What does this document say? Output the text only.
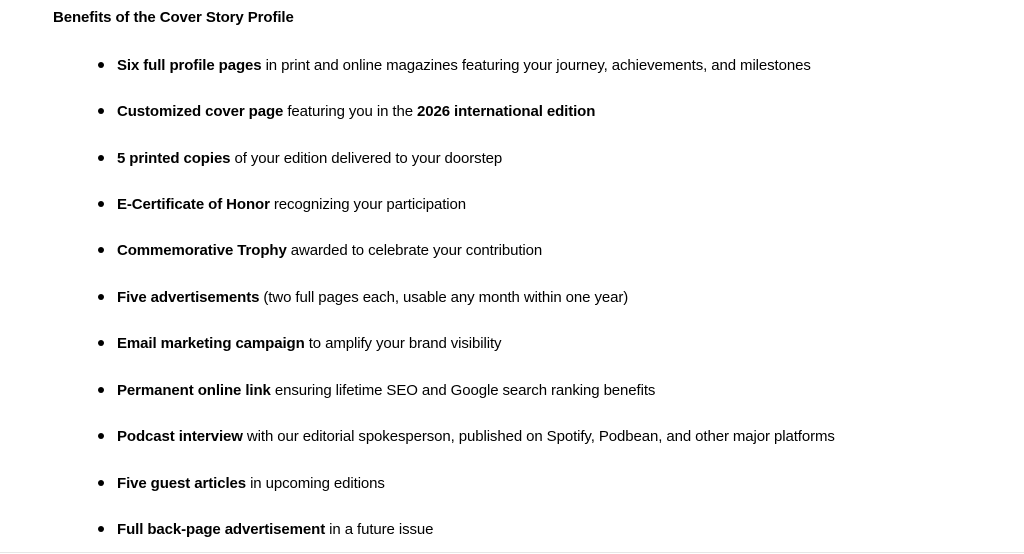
Benefits of the Cover Story Profile
Six full profile pages in print and online magazines featuring your journey, achievements, and milestones
Customized cover page featuring you in the 2026 international edition
5 printed copies of your edition delivered to your doorstep
E-Certificate of Honor recognizing your participation
Commemorative Trophy awarded to celebrate your contribution
Five advertisements (two full pages each, usable any month within one year)
Email marketing campaign to amplify your brand visibility
Permanent online link ensuring lifetime SEO and Google search ranking benefits
Podcast interview with our editorial spokesperson, published on Spotify, Podbean, and other major platforms
Five guest articles in upcoming editions
Full back-page advertisement in a future issue
